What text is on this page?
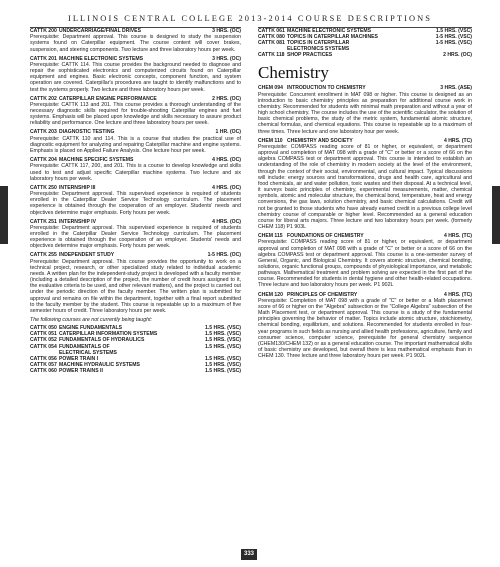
ILLINOIS CENTRAL COLLEGE 2013-2014 COURSE DESCRIPTIONS
CATTK 200 UNDERCARRIAGE/FINAL DRIVES	3 HRS. (OC)
Prerequisite: Department approval. This course is designed to study the suspension systems found on Caterpillar equipment. The course content will cover brakes, suspension, and steering components. Two lecture and three laboratory hours per week.
CATTK 201 MACHINE ELECTRONIC SYSTEMS	3 HRS. (OC)
Prerequisite: CATTK 114. This course provides the background needed to diagnose and repair the sophisticated electronics and computerized circuits found on Caterpillar equipment and engines. Basic electronic concepts, component function, and system operation are covered. Caterpillar's procedures are taught to identify malfunctions and to test the systems properly. Two lecture and three laboratory hours per week.
CATTK 202 CATERPILLAR ENGINE PERFORMANCE	2 HRS. (OC)
Prerequisite: CATTK 113 and 201. This course provides a thorough understanding of the necessary diagnostic skills required for trouble-shooting Caterpillar engines and fuel systems. Emphasis will be placed upon knowledge and skills necessary to assure product reliability and performance. One lecture and three laboratory hours per week.
CATTK 203 DIAGNOSTIC TESTING	1 HR. (OC)
Prerequisite: CATTK 110 and 114. This is a course that studies the practical use of diagnostic equipment for analyzing and repairing Caterpillar machine and engine systems. Emphasis is placed on Applied Failure Analysis. One lecture hour per week.
CATTK 204 MACHINE SPECIFIC SYSTEMS	4 HRS. (OC)
Prerequisite: CATTK 117, 200, and 201. This is a course to develop knowledge and skills used to test and adjust specific Caterpillar machine systems. Two lecture and six laboratory hours per week.
CATTK 250 INTERNSHIP III	4 HRS. (OC)
Prerequisite: Department approval. This supervised experience is required of students enrolled in the Caterpillar Dealer Service Technology curriculum. The placement experience is obtained through the cooperation of an employer. Students' needs and objectives determine major emphasis. Forty hours per week.
CATTK 251 INTERNSHIP IV	4 HRS. (OC)
Prerequisite: Department approval. This supervised experience is required of students enrolled in the Caterpillar Dealer Service Technology curriculum. The placement experience is obtained through the cooperation of an employer. Students' needs and objectives determine major emphasis. Forty hours per week.
CATTK 255 INDEPENDENT STUDY	1-5 HRS. (OC)
Prerequisite: Department approval. This course provides the opportunity to work on a technical project, research, or other specialized study related to individual academic needs. A written plan for the independent-study project is developed with a faculty member (including a detailed description of the project, the number of credit hours assigned to it, the evaluative criteria to be used, and other relevant matters), and the project is carried out under the periodic direction of the faculty member. The written plan is submitted for approval and remains on file within the department, together with a final report submitted to the faculty member by the student. This course is repeatable up to a maximum of five semester hours of credit. Three laboratory hours per week.
The following courses are not currently being taught:
CATTK 050 ENGINE FUNDAMENTALS	1.5 HRS. (VSC)
CATTK 051 CATERPILLAR INFORMATION SYSTEMS	1.5 HRS. (VSC)
CATTK 052 FUNDAMENTALS OF HYDRAULICS	1.5 HRS. (VSC)
CATTK 054 FUNDAMENTALS OF	1.5 HRS. (VSC)
ELECTRICAL SYSTEMS
CATTK 056 POWER TRAIN I	1.5 HRS. (VSC)
CATTK 057 MACHINE HYDRAULIC SYSTEMS	1.5 HRS. (VSC)
CATTK 060 POWER TRAINS II	1.5 HRS. (VSC)
CATTK 061 MACHINE ELECTRONIC SYSTEMS	1.5 HRS. (VSC)
CATTK 080 TOPICS IN CATERPILLAR MACHINES	1-5 HRS. (VSC)
CATTK 081 TOPICS IN CATERPILLAR	1-5 HRS. (VSC)
ELECTRONICS SYSTEMS
CATTK 118 SHOP PRACTICES	2 HRS. (OC)
Chemistry
CHEM 094 INTRODUCTION TO CHEMISTRY	3 HRS. (ASE)
Prerequisite: Concurrent enrollment in MAT 098 or higher. This course is designed as an introduction to basic chemistry principles as preparation for additional course work in chemistry. Recommended for students with minimal math preparation and without a year of high school chemistry. The course includes the use of the scientific calculator, the solution of basic chemical problems, the study of the metric system, fundamental atomic structure, chemical formulas, and chemical equations. This course is repeatable up to a maximum of three times. Three lecture and one laboratory hour per week.
CHEM 110 CHEMISTRY AND SOCIETY	4 HRS. (TC)
Prerequisite: COMPASS reading score of 81 or higher, or equivalent, or department approval and completion of MAT 098 with a grade of "C" or better or a score of 66 on the algebra COMPASS test or department approval. This course is intended to establish an understanding of the role of chemistry in modern society at the level of the environment, through the context of their social, environmental, and cultural impact. Typical discussions will include: energy sources and transformations, drugs and health care, agricultural and food chemicals, air and water pollution, toxic wastes and their disposal. At a technical level, it surveys basic principles of chemistry, experimental measurements, matter, chemical symbols, atomic and molecular structure, the chemical bond, temperature, heat and energy conversions, the gas laws, solution chemistry, and basic chemical calculations. Credit will not be granted to those students who have already earned credit in a previous college level chemistry course of comparable or higher level. Recommended as a general education course for liberal arts majors. Three lecture and two laboratory hours per week. (formerly CHEM 118) P1 903L
CHEM 115 FOUNDATIONS OF CHEMISTRY	4 HRS. (TC)
Prerequisite: COMPASS reading score of 81 or higher, or equivalent, or department approval and completion of MAT 098 with a grade of "C" or better or a score of 66 on the algebra COMPASS test or department approval. This course is a one-semester survey of General, Organic, and Biological Chemistry. It covers atomic structure, chemical bonding, solutions, organic functional groups, compounds of physiological importance, and metabolic pathways. Mathematical treatment and problem solving are expected in the first part of the course. Recommended for students in dental hygiene and other health-related occupations. Three lecture and two laboratory hours per week. P1 902L
CHEM 120 PRINCIPLES OF CHEMISTRY	4 HRS. (TC)
Prerequisite: Completion of MAT 098 with a grade of "C" or better or a Math placement score of 66 or higher on the "Algebra" subsection or the "College Algebra" subsection of the Math Placement test, or department approval. This course is a study of the fundamental principles governing the behavior of matter. Topics include atomic structure, stoichiometry, chemical bonding, equilibrium, and solutions. Recommended for students enrolled in four-year programs in such fields as nursing and allied health professions, agriculture, family and consumer science, computer science, prerequisite for general chemistry sequence (CHEM130/CHEM 132) or as a general education course. The important mathematical skills of basic chemistry are developed, but overall there is less mathematical emphasis than in CHEM 130. Three lecture and three laboratory hours per week. P1 902L
333
